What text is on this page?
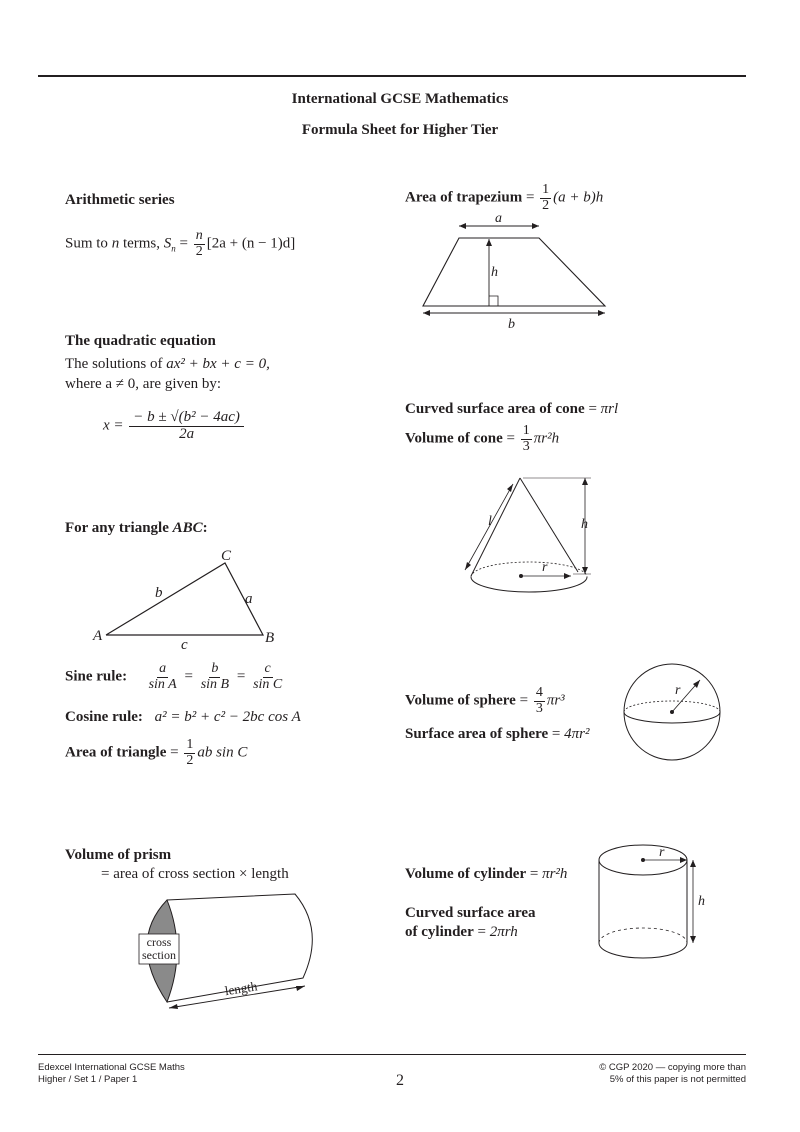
International GCSE Mathematics
Formula Sheet for Higher Tier
Arithmetic series
Sum to n terms, $S_n = \frac{n}{2} [2a + (n - 1)d]$
The quadratic equation
The solutions of ax² + bx + c = 0,
where a ≠ 0, are given by:
$x = \frac{\text{− b ± √(b² − 4ac)}}{2a}$
For any triangle ABC:
C
A	B
b	a
c
Sine rule: $\frac{a}{\text{sin A}} = \frac{b}{\text{sin B}} = \frac{c}{\text{sin C}}$
Cosine rule: a² = b² + c² − 2bc cos A
Area of triangle = $\frac{1}{2}$ ab sin C
Volume of prism
= area of cross section × length
cross
section
length
Area of trapezium = $\frac{1}{2} (a + b)h$
a
h
b
Curved surface area of cone = πrl
Volume of cone = $\frac{1}{3} \pi r^2h$
l
r
h
Volume of sphere = $\frac{4}{3} \pi r^3$
Surface area of sphere = 4πr²
r
Volume of cylinder = πr²h
Curved surface area
of cylinder = 2πrh
r
h
Edexcel International GCSE Maths
Higher / Set 1 / Paper 1	2
© CGP 2020 — copying more than
5% of this paper is not permitted
